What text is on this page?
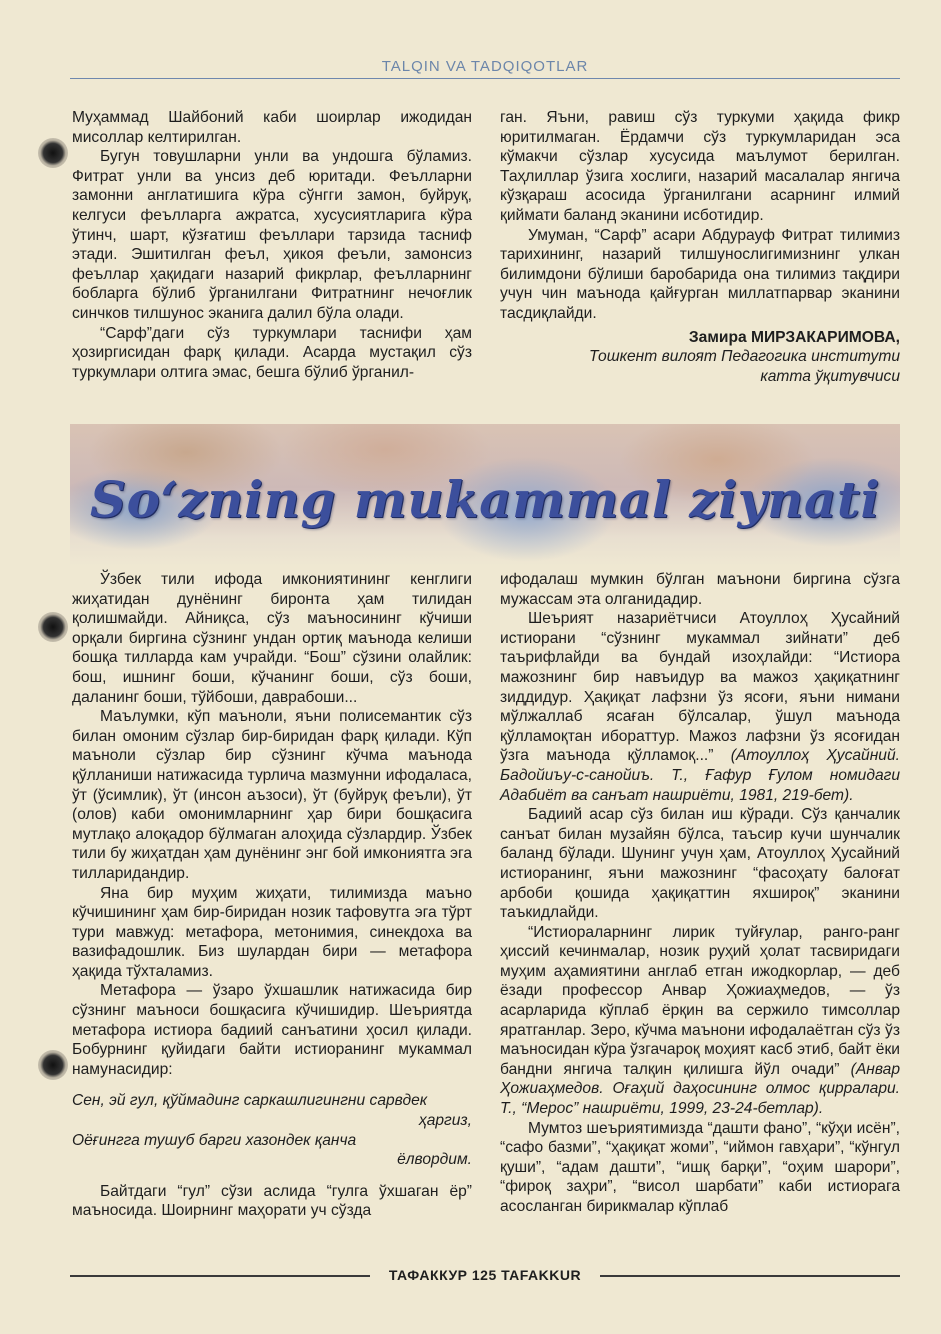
TALQIN VA TADQIQOTLAR

Муҳаммад Шайбоний каби шоирлар ижодидан мисоллар келтирилган.

Бугун товушларни унли ва ундошга бўламиз. Фитрат унли ва унсиз деб юритади. Феълларни замонни англатишига кўра сўнгги замон, буйруқ, келгуси феълларга ажратса, хусусиятларига кўра ўтинч, шарт, кўзғатиш феъллари тарзида тасниф этади. Эшитилган феъл, ҳикоя феъли, замонсиз феъллар ҳақидаги назарий фикрлар, феълларнинг бобларга бўлиб ўрганилгани Фитратнинг нечоғлик синчков тилшунос эканига далил бўла олади.

“Сарф”даги сўз туркумлари таснифи ҳам ҳозиргисидан фарқ қилади. Асарда мустақил сўз туркумлари олтига эмас, бешга бўлиб ўрганил-

ган. Яъни, равиш сўз туркуми ҳақида фикр юритилмаган. Ёрдамчи сўз туркумларидан эса кўмакчи сўзлар хусусида маълумот берилган. Таҳлиллар ўзига хослиги, назарий масалалар янгича кўзқараш асосида ўрганилгани асарнинг илмий қиймати баланд эканини исботидир.

Умуман, “Сарф” асари Абдурауф Фитрат тилимиз тарихининг, назарий тилшунослигимизнинг улкан билимдони бўлиши баробарида она тилимиз тақдири учун чин маънода қайғурган миллатпарвар эканини тасдиқлайди.

Замира МИРЗАКАРИМОВА,
Тошкент вилоят Педагогика институти
катта ўқитувчиси
So‘zning mukammal ziynati

Ўзбек тили ифода имкониятининг кенглиги жиҳатидан дунёнинг биронта ҳам тилидан қолишмайди. Айниқса, сўз маъносининг кўчиши орқали биргина сўзнинг ундан ортиқ маънода келиши бошқа тилларда кам учрайди. “Бош” сўзини олайлик: бош, ишнинг боши, кўчанинг боши, сўз боши, даланинг боши, тўйбоши, даврабоши...

Маълумки, кўп маъноли, яъни полисемантик сўз билан омоним сўзлар бир-биридан фарқ қилади. Кўп маъноли сўзлар бир сўзнинг кўчма маънода қўлланиши натижасида турлича мазмунни ифодаласа, ўт (ўсимлик), ўт (инсон аъзоси), ўт (буйруқ феъли), ўт (олов) каби омонимларнинг ҳар бири бошқасига мутлақо алоқадор бўлмаган алоҳида сўзлардир. Ўзбек тили бу жиҳатдан ҳам дунёнинг энг бой имкониятга эга тилларидандир.

Яна бир муҳим жиҳати, тилимизда маъно кўчишининг ҳам бир-биридан нозик тафовутга эга тўрт тури мавжуд: метафора, метонимия, синекдоха ва вазифадошлик. Биз шулардан бири — метафора ҳақида тўхталамиз.

Метафора — ўзаро ўхшашлик натижасида бир сўзнинг маъноси бошқасига кўчишидир. Шеъриятда метафора истиора бадиий санъатини ҳосил қилади. Бобурнинг қуйидаги байти истиоранинг мукаммал намунасидир:

Сен, эй гул, қўймадинг саркашлигингни сарвдек
ҳаргиз,
Оёғингга тушуб барги хазондек қанча
ёлвордим.

Байтдаги “гул” сўзи аслида “гулга ўхшаган ёр” маъносида. Шоирнинг маҳорати уч сўзда

ифодалаш мумкин бўлган маънони биргина сўзга мужассам эта олганидадир.

Шеърият назариётчиси Атоуллоҳ Ҳусайний истиорани “сўзнинг мукаммал зийнати” деб таърифлайди ва бундай изоҳлайди: “Истиора мажознинг бир навъидур ва мажоз ҳақиқатнинг зиддидур. Ҳақиқат лафзни ўз ясоғи, яъни нимани мўлжаллаб ясаған бўлсалар, ўшул маънода қўлламоқтан ибораттур. Мажоз лафзни ўз ясоғидан ўзга маънода қўлламоқ...” (Атоуллоҳ Ҳусайний. Бадойиъу-с-санойиъ. Т., Ғафур Ғулом номидаги Адабиёт ва санъат нашриёти, 1981, 219-бет).

Бадиий асар сўз билан иш кўради. Сўз қанчалик санъат билан музайян бўлса, таъсир кучи шунчалик баланд бўлади. Шунинг учун ҳам, Атоуллоҳ Ҳусайний истиоранинг, яъни мажознинг “фасоҳату балоғат арбоби қошида ҳақиқаттин яхширoқ” эканини таъкидлайди.

“Истиораларнинг лирик туйғулар, ранго-ранг ҳиссий кечинмалар, нозик руҳий ҳолат тасвиридаги муҳим аҳамиятини англаб етган ижодкорлар, — деб ёзади профессор Анвар Ҳожиаҳмедов, — ўз асарларида кўплаб ёрқин ва сержило тимсоллар яратганлар. Зеро, кўчма маънони ифодалаётган сўз ўз маъносидан кўра ўзгачароқ моҳият касб этиб, байт ёки бандни янгича талқин қилишга йўл очади” (Анвар Ҳожиаҳмедов. Оғаҳий даҳосининг олмос қирралари. Т., “Мерос” нашриёти, 1999, 23-24-бетлар).

Мумтоз шеъриятимизда “дашти фано”, “кўҳи исён”, “сафо базми”, “ҳақиқат жоми”, “иймон гавҳари”, “кўнгул қуши”, “адам дашти”, “ишқ барқи”, “оҳим шарори”, “фироқ заҳри”, “висол шарбати” каби истиорага асосланган бирикмалар кўплаб

ТАФАККУР 125 TAFAKKUR
